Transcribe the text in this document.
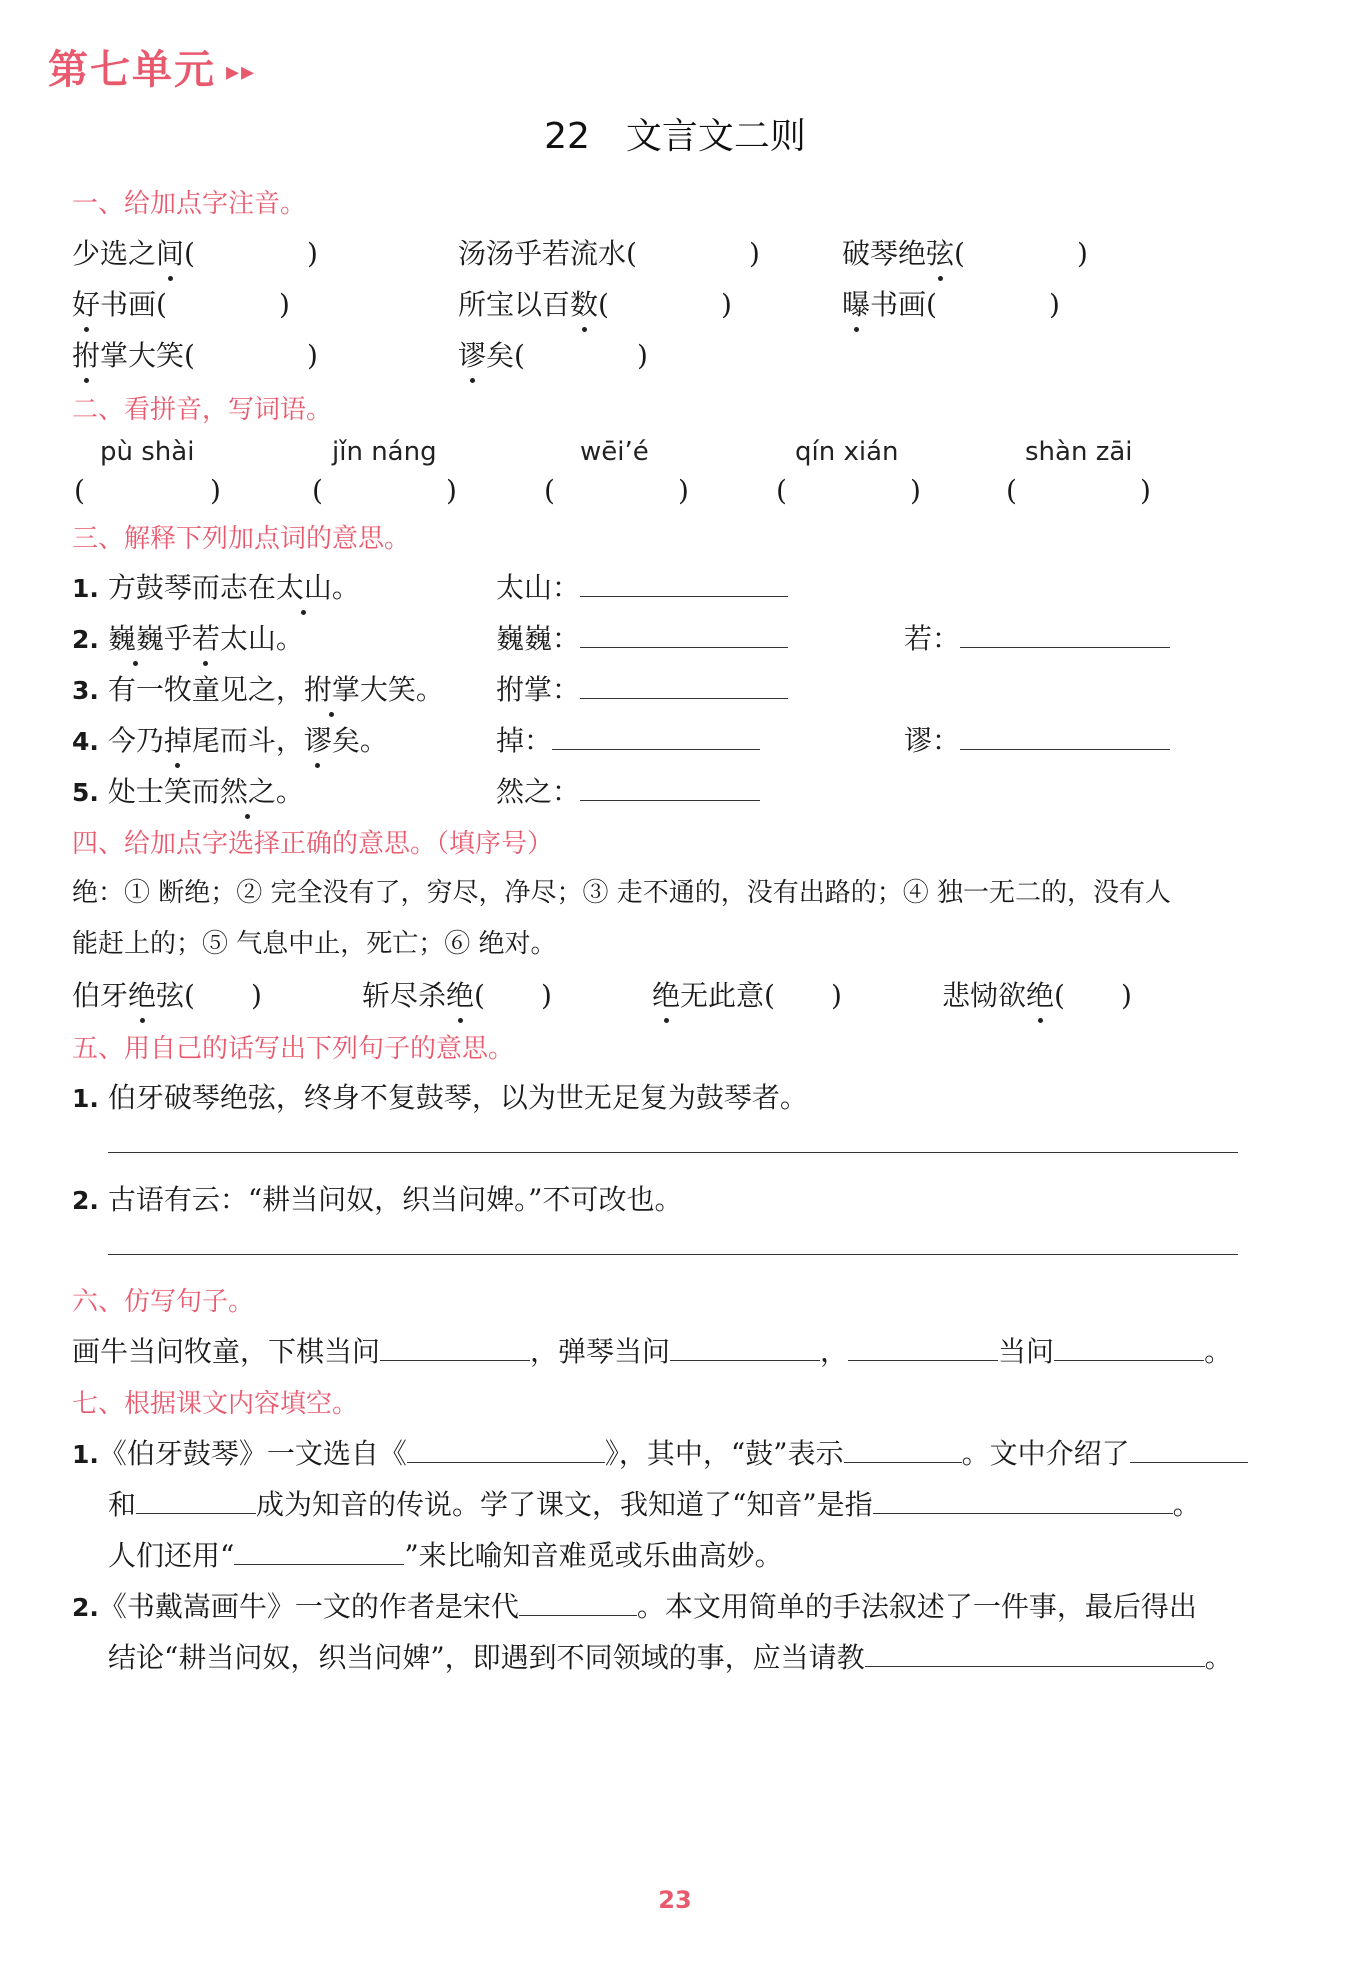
第七单元 ▸▸
22 文言文二则
一、给加点字注音。
少选之间(　　　　)	汤汤乎若流水(　　　　)	破琴绝弦(　　　　)
好书画(　　　　)	所宝以百数(　　　　)	曝书画(　　　　)
拊掌大笑(　　　　)	谬矣(　　　　)
二、看拼音，写词语。
pù shài	jǐn náng	wēi’é	qín xián	shàn zāi
(	)	(	)	(	)	(	)	(	)
三、解释下列加点词的意思。
1. 方鼓琴而志在太山。	太山：
2. 巍巍乎若太山。	巍巍：	若：
3. 有一牧童见之，拊掌大笑。 拊掌：
4. 今乃掉尾而斗，谬矣。	掉：	谬：
5. 处士笑而然之。	然之：
四、给加点字选择正确的意思。（填序号）
绝：① 断绝；② 完全没有了，穷尽，净尽；③ 走不通的，没有出路的；④ 独一无二的，没有人
能赶上的；⑤ 气息中止，死亡；⑥ 绝对。
伯牙绝弦(　　)	斩尽杀绝(　　)	绝无此意(　　)	悲恸欲绝(　　)
五、用自己的话写出下列句子的意思。
1. 伯牙破琴绝弦，终身不复鼓琴，以为世无足复为鼓琴者。
2. 古语有云：“耕当问奴，织当问婢。”不可改也。
六、仿写句子。
画牛当问牧童，下棋当问	，弹琴当问	，	当问	。
七、根据课文内容填空。
1.《伯牙鼓琴》一文选自《	》，其中，“鼓”表示	。文中介绍了
和	成为知音的传说。学了课文，我知道了“知音”是指	。
人们还用“	”来比喻知音难觅或乐曲高妙。
2.《书戴嵩画牛》一文的作者是宋代	。本文用简单的手法叙述了一件事，最后得出
结论“耕当问奴，织当问婢”，即遇到不同领域的事，应当请教	。
23
